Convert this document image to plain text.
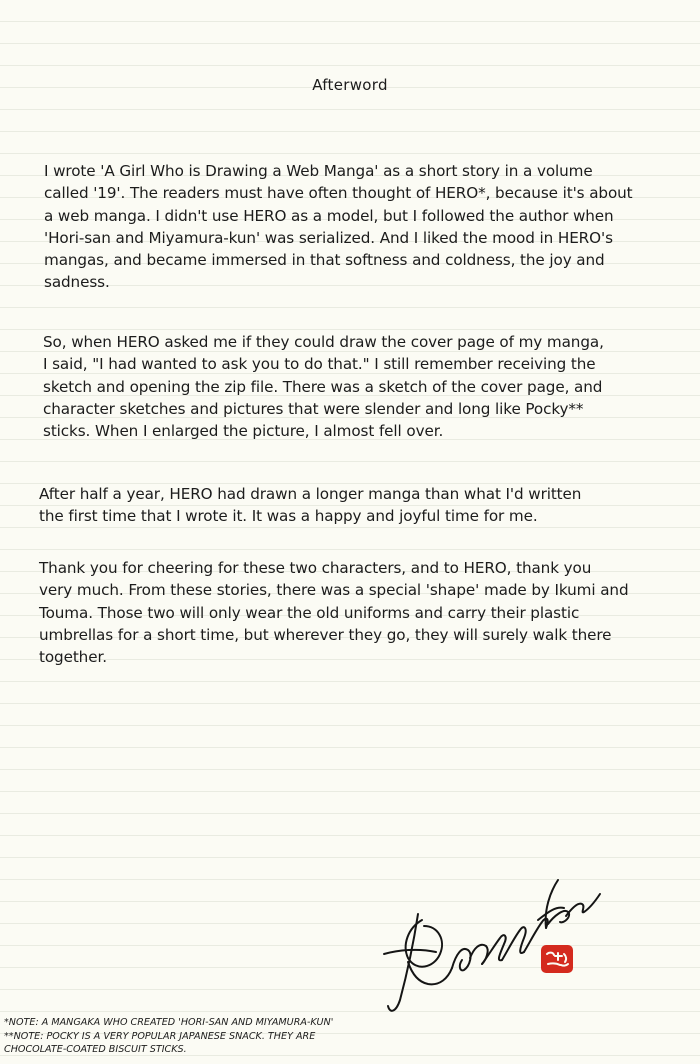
Afterword

I wrote 'A Girl Who is Drawing a Web Manga' as a short story in a volume
called '19'. The readers must have often thought of HERO*, because it's about
a web manga. I didn't use HERO as a model, but I followed the author when
'Hori-san and Miyamura-kun' was serialized. And I liked the mood in HERO's
mangas, and became immersed in that softness and coldness, the joy and
sadness.

So, when HERO asked me if they could draw the cover page of my manga,
I said, "I had wanted to ask you to do that." I still remember receiving the
sketch and opening the zip file. There was a sketch of the cover page, and
character sketches and pictures that were slender and long like Pocky**
sticks. When I enlarged the picture, I almost fell over.

After half a year, HERO had drawn a longer manga than what I'd written
the first time that I wrote it. It was a happy and joyful time for me.

Thank you for cheering for these two characters, and to HERO, thank you
very much. From these stories, there was a special 'shape' made by Ikumi and
Touma. Those two will only wear the old uniforms and carry their plastic
umbrellas for a short time, but wherever they go, they will surely walk there
together.

*NOTE: A MANGAKA WHO CREATED 'HORI-SAN AND MIYAMURA-KUN'
**NOTE: POCKY IS A VERY POPULAR JAPANESE SNACK. THEY ARE
CHOCOLATE-COATED BISCUIT STICKS.
